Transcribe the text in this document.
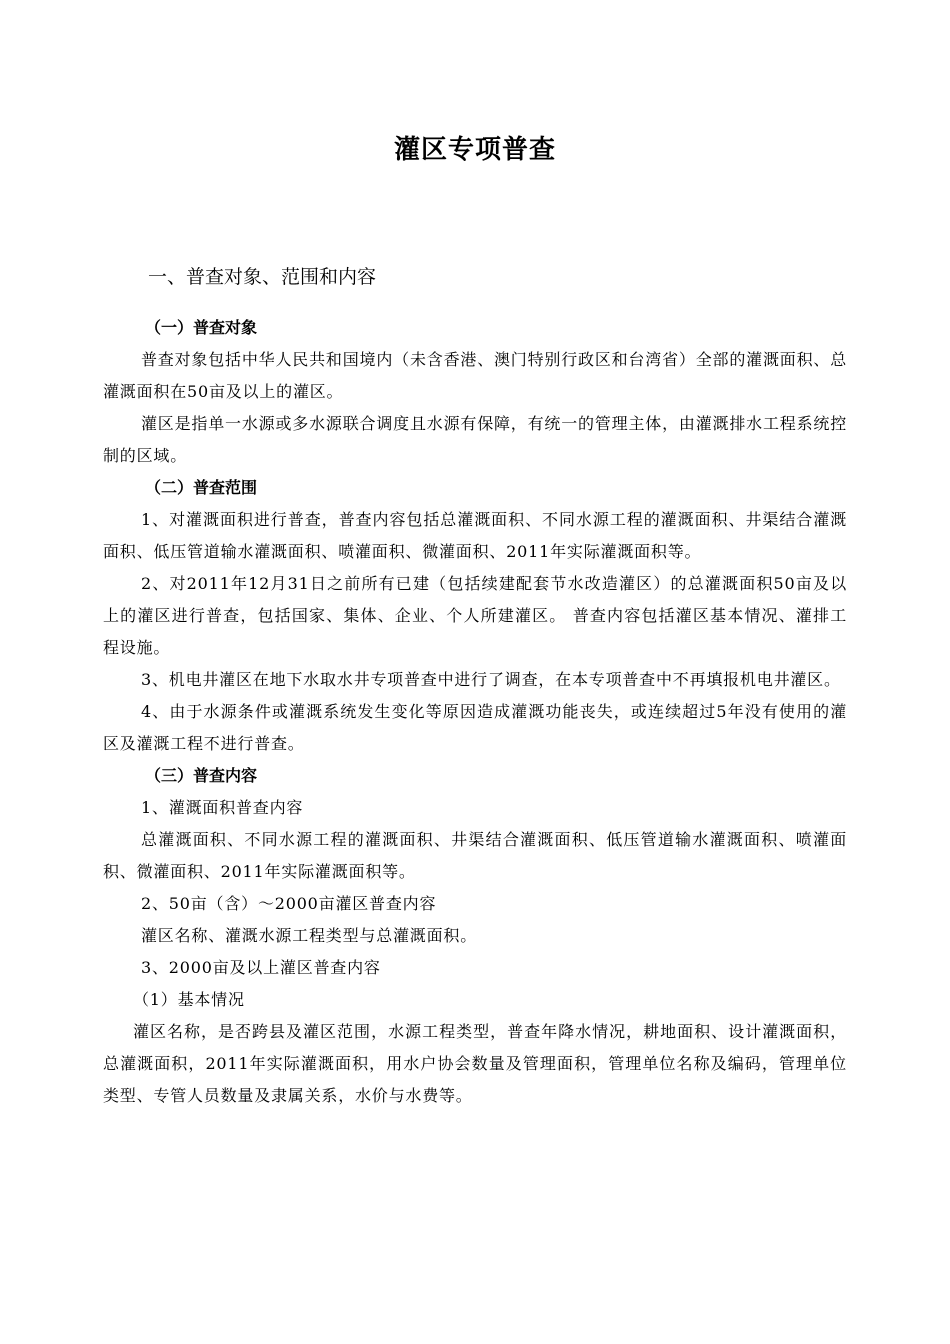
灌区专项普查
一、普查对象、范围和内容
（一）普查对象

普查对象包括中华人民共和国境内（未含香港、澳门特别行政区和台湾省）全部的灌溉面积、总灌溉面积在50亩及以上的灌区。

灌区是指单一水源或多水源联合调度且水源有保障，有统一的管理主体，由灌溉排水工程系统控制的区域。

（二）普查范围

1、对灌溉面积进行普查，普查内容包括总灌溉面积、不同水源工程的灌溉面积、井渠结合灌溉面积、低压管道输水灌溉面积、喷灌面积、微灌面积、2011年实际灌溉面积等。

2、对2011年12月31日之前所有已建（包括续建配套节水改造灌区）的总灌溉面积50亩及以上的灌区进行普查，包括国家、集体、企业、个人所建灌区。 普查内容包括灌区基本情况、灌排工程设施。

3、机电井灌区在地下水取水井专项普查中进行了调查，在本专项普查中不再填报机电井灌区。

4、由于水源条件或灌溉系统发生变化等原因造成灌溉功能丧失，或连续超过5年没有使用的灌区及灌溉工程不进行普查。

（三）普查内容

1、灌溉面积普查内容

总灌溉面积、不同水源工程的灌溉面积、井渠结合灌溉面积、低压管道输水灌溉面积、喷灌面积、微灌面积、2011年实际灌溉面积等。

2、50亩（含）～2000亩灌区普查内容

灌区名称、灌溉水源工程类型与总灌溉面积。

3、2000亩及以上灌区普查内容

（1）基本情况

灌区名称，是否跨县及灌区范围，水源工程类型，普查年降水情况，耕地面积、设计灌溉面积，总灌溉面积，2011年实际灌溉面积，用水户协会数量及管理面积，管理单位名称及编码，管理单位类型、专管人员数量及隶属关系，水价与水费等。
